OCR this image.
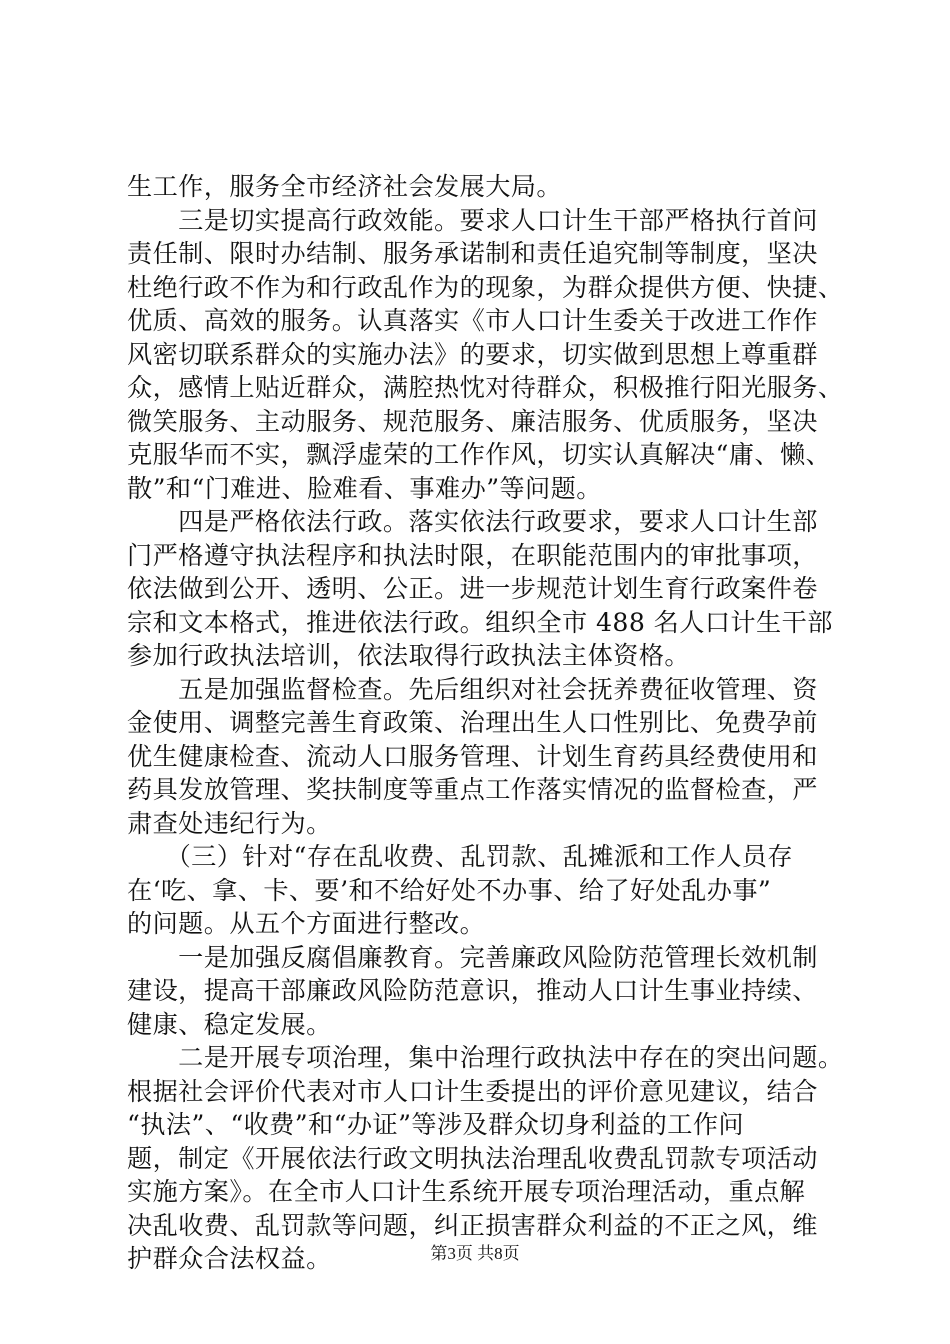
生工作，服务全市经济社会发展大局。
　　三是切实提高行政效能。要求人口计生干部严格执行首问
责任制、限时办结制、服务承诺制和责任追究制等制度，坚决
杜绝行政不作为和行政乱作为的现象，为群众提供方便、快捷、
优质、高效的服务。认真落实《市人口计生委关于改进工作作
风密切联系群众的实施办法》的要求，切实做到思想上尊重群
众，感情上贴近群众，满腔热忱对待群众，积极推行阳光服务、
微笑服务、主动服务、规范服务、廉洁服务、优质服务，坚决
克服华而不实，飘浮虚荣的工作作风，切实认真解决“庸、懒、
散”和“门难进、脸难看、事难办”等问题。
　　四是严格依法行政。落实依法行政要求，要求人口计生部
门严格遵守执法程序和执法时限，在职能范围内的审批事项，
依法做到公开、透明、公正。进一步规范计划生育行政案件卷
宗和文本格式，推进依法行政。组织全市 488 名人口计生干部
参加行政执法培训，依法取得行政执法主体资格。
　　五是加强监督检查。先后组织对社会抚养费征收管理、资
金使用、调整完善生育政策、治理出生人口性别比、免费孕前
优生健康检查、流动人口服务管理、计划生育药具经费使用和
药具发放管理、奖扶制度等重点工作落实情况的监督检查，严
肃查处违纪行为。
　　（三）针对“存在乱收费、乱罚款、乱摊派和工作人员存
在‘吃、拿、卡、要’和不给好处不办事、给了好处乱办事”
的问题。从五个方面进行整改。
　　一是加强反腐倡廉教育。完善廉政风险防范管理长效机制
建设，提高干部廉政风险防范意识，推动人口计生事业持续、
健康、稳定发展。
　　二是开展专项治理，集中治理行政执法中存在的突出问题。
根据社会评价代表对市人口计生委提出的评价意见建议，结合
“执法”、“收费”和“办证”等涉及群众切身利益的工作问
题，制定《开展依法行政文明执法治理乱收费乱罚款专项活动
实施方案》。在全市人口计生系统开展专项治理活动，重点解
决乱收费、乱罚款等问题，纠正损害群众利益的不正之风，维
护群众合法权益。	第3页 共8页
